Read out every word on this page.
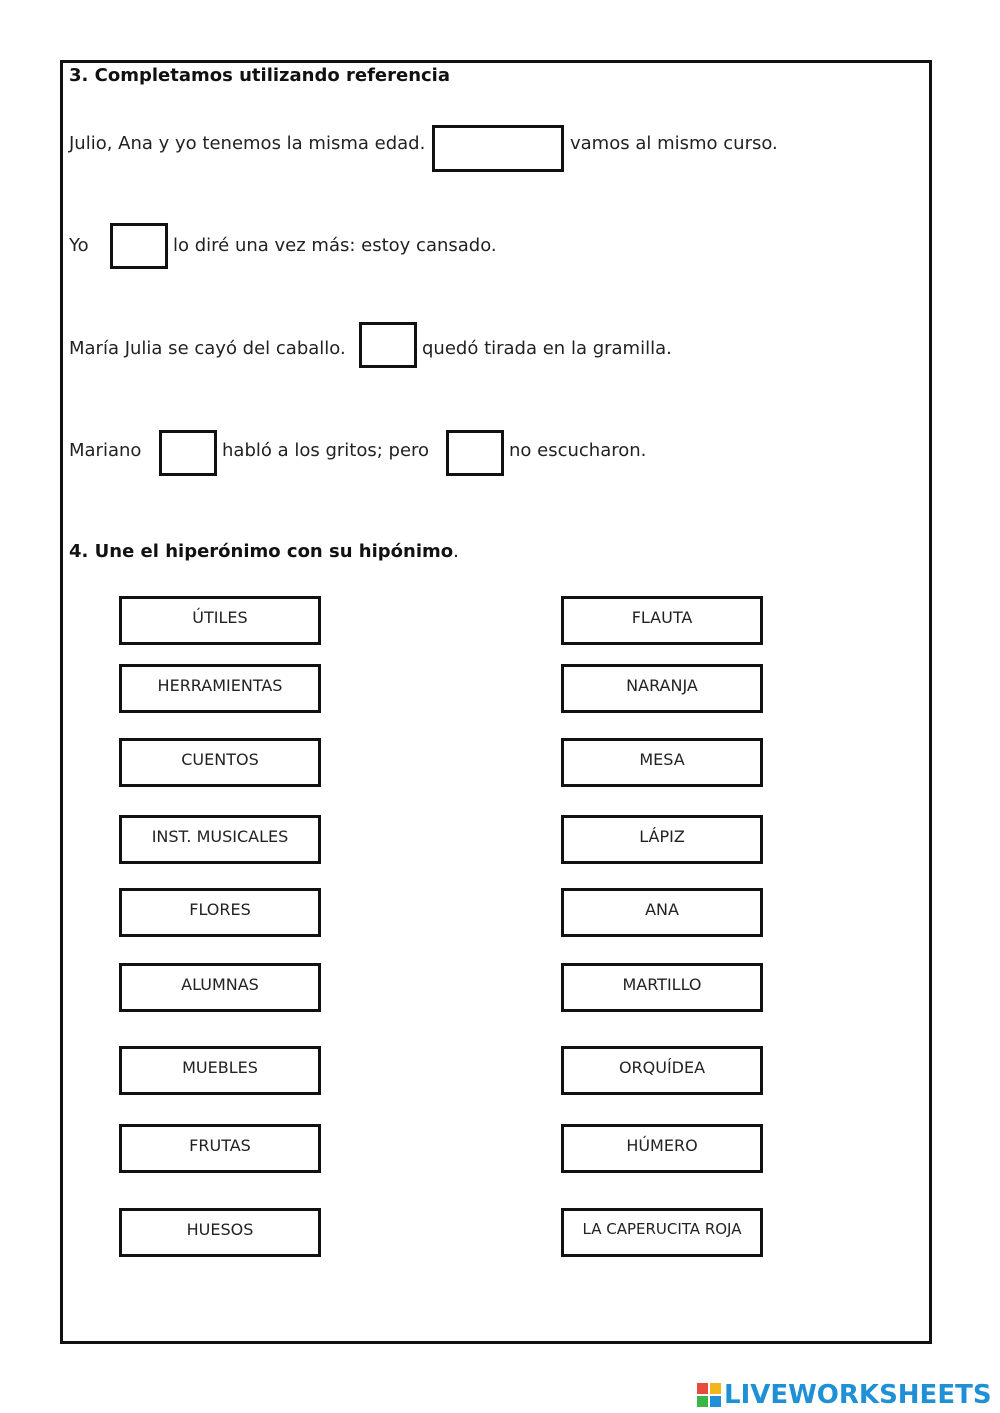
3. Completamos utilizando referencia
Julio, Ana y yo tenemos la misma edad.	vamos al mismo curso.
Yo	lo diré una vez más: estoy cansado.
María Julia se cayó del caballo.	quedó tirada en la gramilla.
Mariano	habló a los gritos; pero	no escucharon.
4. Une el hiperónimo con su hipónimo.
ÚTILES
HERRAMIENTAS
CUENTOS
INST. MUSICALES
FLORES
ALUMNAS
MUEBLES
FRUTAS
HUESOS
FLAUTA
NARANJA
MESA
LÁPIZ
ANA
MARTILLO
ORQUÍDEA
HÚMERO
LA CAPERUCITA ROJA
LIVEWORKSHEETS
